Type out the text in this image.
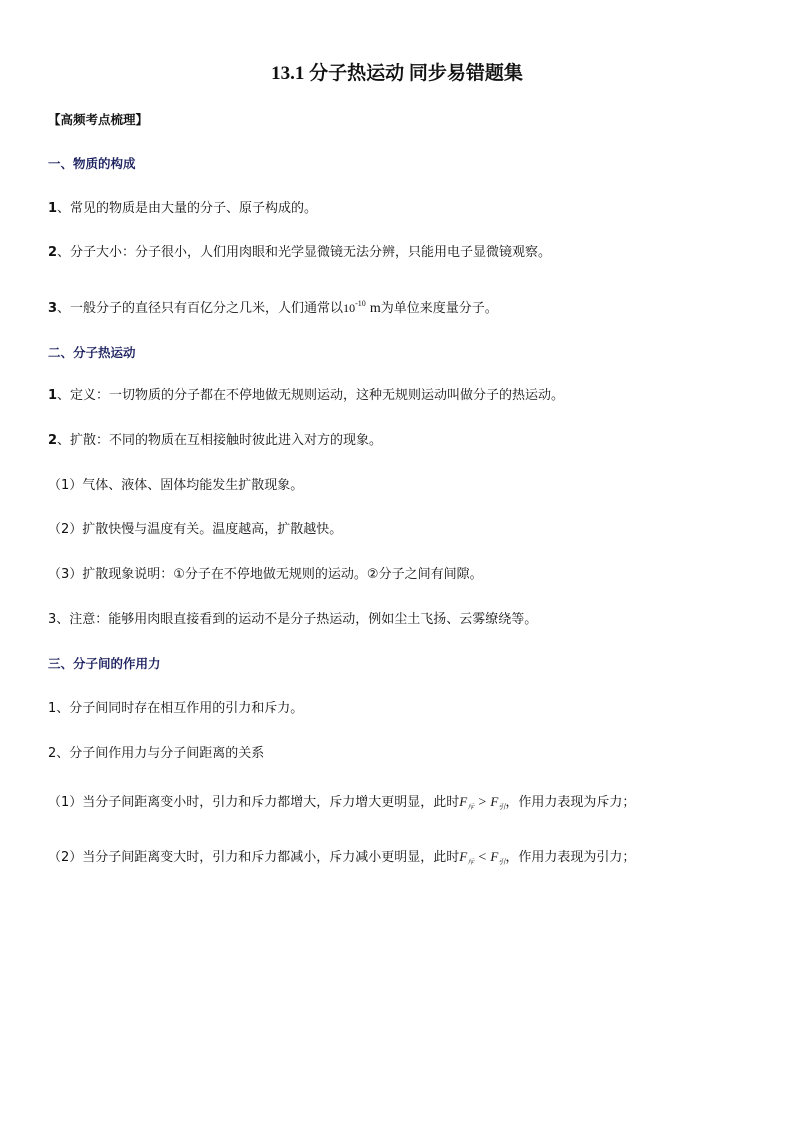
13.1 分子热运动 同步易错题集
【高频考点梳理】
一、物质的构成
1、常见的物质是由大量的分子、原子构成的。
2、分子大小：分子很小，人们用肉眼和光学显微镜无法分辨，只能用电子显微镜观察。
3、一般分子的直径只有百亿分之几米，人们通常以$10^{-10}$ m为单位来度量分子。
二、分子热运动
1、定义：一切物质的分子都在不停地做无规则运动，这种无规则运动叫做分子的热运动。
2、扩散：不同的物质在互相接触时彼此进入对方的现象。
（1）气体、液体、固体均能发生扩散现象。
（2）扩散快慢与温度有关。温度越高，扩散越快。
（3）扩散现象说明：①分子在不停地做无规则的运动。②分子之间有间隙。
3、注意：能够用肉眼直接看到的运动不是分子热运动，例如尘土飞扬、云雾缭绕等。
三、分子间的作用力
1、分子间同时存在相互作用的引力和斥力。
2、分子间作用力与分子间距离的关系
（1）当分子间距离变小时，引力和斥力都增大，斥力增大更明显，此时$F_斥 > F_引$，作用力表现为斥力；
（2）当分子间距离变大时，引力和斥力都减小，斥力减小更明显，此时$F_斥 < F_引$，作用力表现为引力；
